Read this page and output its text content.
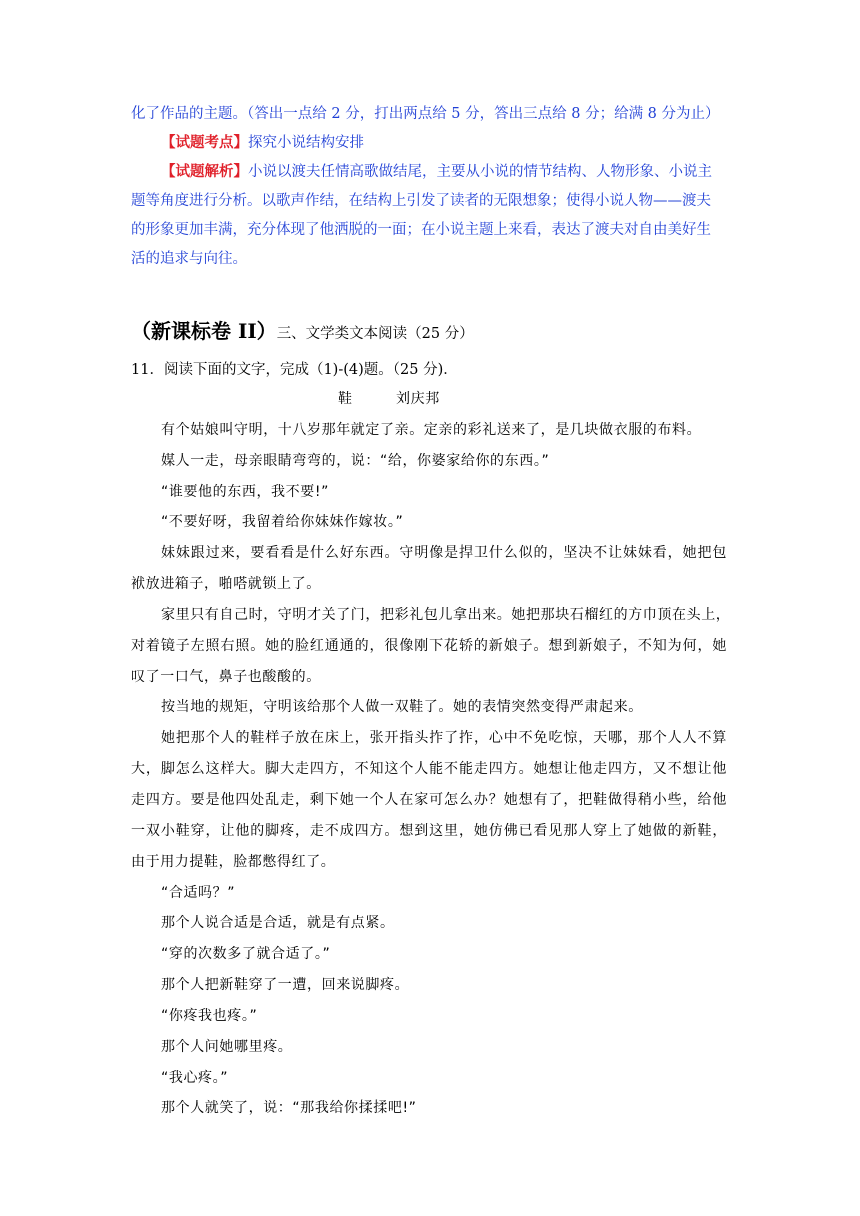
化了作品的主题。（答出一点给 2 分，打出两点给 5 分，答出三点给 8 分；给满 8 分为止）
【试题考点】探究小说结构安排
【试题解析】小说以渡夫任情高歌做结尾，主要从小说的情节结构、人物形象、小说主
题等角度进行分析。以歌声作结，在结构上引发了读者的无限想象；使得小说人物——渡夫
的形象更加丰满，充分体现了他洒脱的一面；在小说主题上来看，表达了渡夫对自由美好生
活的追求与向往。
（新课标卷 II）三、文学类文本阅读（25 分）
11．阅读下面的文字，完成（1)-(4)题。（25 分)．
鞋	刘庆邦
有个姑娘叫守明，十八岁那年就定了亲。定亲的彩礼送来了，是几块做衣服的布料。
媒人一走，母亲眼睛弯弯的，说：“给，你婆家给你的东西。”
“谁要他的东西，我不要!”
“不要好呀，我留着给你妹妹作嫁妆。”
妹妹跟过来，要看看是什么好东西。守明像是捍卫什么似的，坚决不让妹妹看，她把包
袱放进箱子，啪嗒就锁上了。
家里只有自己时，守明才关了门，把彩礼包儿拿出来。她把那块石榴红的方巾顶在头上，
对着镜子左照右照。她的脸红通通的，很像刚下花轿的新娘子。想到新娘子，不知为何，她
叹了一口气，鼻子也酸酸的。
按当地的规矩，守明该给那个人做一双鞋了。她的表情突然变得严肃起来。
她把那个人的鞋样子放在床上，张开指头拃了拃，心中不免吃惊，天哪，那个人人不算
大，脚怎么这样大。脚大走四方，不知这个人能不能走四方。她想让他走四方，又不想让他
走四方。要是他四处乱走，剩下她一个人在家可怎么办？她想有了，把鞋做得稍小些，给他
一双小鞋穿，让他的脚疼，走不成四方。想到这里，她仿佛已看见那人穿上了她做的新鞋，
由于用力提鞋，脸都憋得红了。
“合适吗？”
那个人说合适是合适，就是有点紧。
“穿的次数多了就合适了。”
那个人把新鞋穿了一遭，回来说脚疼。
“你疼我也疼。”
那个人问她哪里疼。
“我心疼。”
那个人就笑了，说：“那我给你揉揉吧!”
